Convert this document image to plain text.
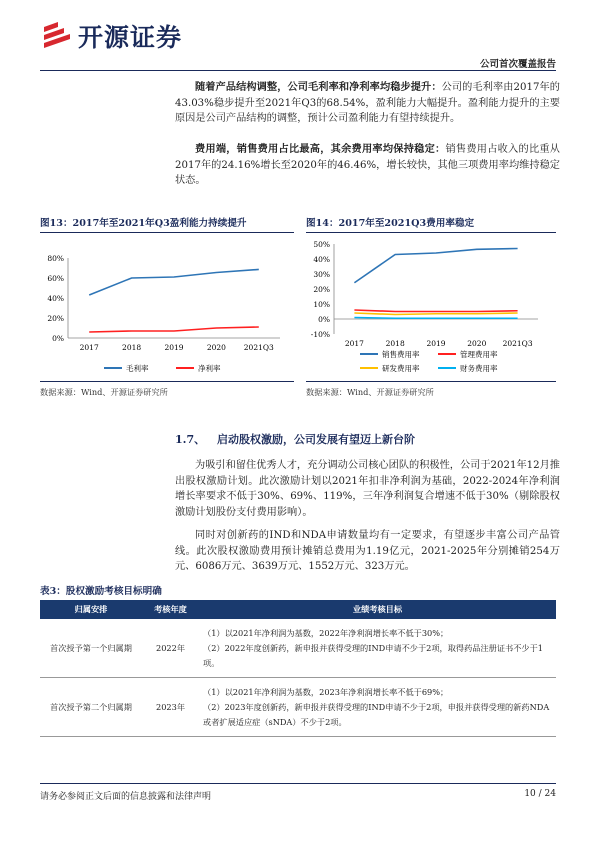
开源证券
公司首次覆盖报告
随着产品结构调整，公司毛利率和净利率均稳步提升：公司的毛利率由2017年的43.03%稳步提升至2021年Q3的68.54%，盈利能力大幅提升。盈利能力提升的主要原因是公司产品结构的调整，预计公司盈利能力有望持续提升。
费用端，销售费用占比最高，其余费用率均保持稳定：销售费用占收入的比重从2017年的24.16%增长至2020年的46.46%，增长较快，其他三项费用率均维持稳定状态。
图13：2017年至2021年Q3盈利能力持续提升	图14：2017年至2021Q3费用率稳定
0%
20%
40%
60%
80%
2017	2018	2019	2020 2021Q3
毛利率	净利率
-10%
0%
10%
20%
30%
40%
50%
2017	2018	2019	2020 2021Q3
销售费用率	管理费用率
研发费用率	财务费用率
数据来源：Wind、开源证券研究所	数据来源：Wind、开源证券研究所
1.7、 启动股权激励，公司发展有望迈上新台阶
为吸引和留住优秀人才，充分调动公司核心团队的积极性，公司于2021年12月推出股权激励计划。此次激励计划以2021年扣非净利润为基础，2022-2024年净利润增长率要求不低于30%、69%、119%，三年净利润复合增速不低于30%（剔除股权激励计划股份支付费用影响）。
同时对创新药的IND和NDA申请数量均有一定要求，有望逐步丰富公司产品管线。此次股权激励费用预计摊销总费用为1.19亿元，2021-2025年分别摊销254万元、6086万元、3639万元、1552万元、323万元。
表3：股权激励考核目标明确
归属安排	考核年度	业绩考核目标
首次授予第一个归属期	2022年	（1）以2021年净利润为基数，2022年净利润增长率不低于30%；
（2）2022年度创新药，新申报并获得受理的IND申请不少于2项，取得药品注册证书不少于1项。

首次授予第二个归属期	2023年	（1）以2021年净利润为基数，2023年净利润增长率不低于69%；
（2）2023年度创新药，新申报并获得受理的IND申请不少于2项，申报并获得受理的新药NDA或者扩展适应症（sNDA）不少于2项。
请务必参阅正文后面的信息披露和法律声明	10 / 24
